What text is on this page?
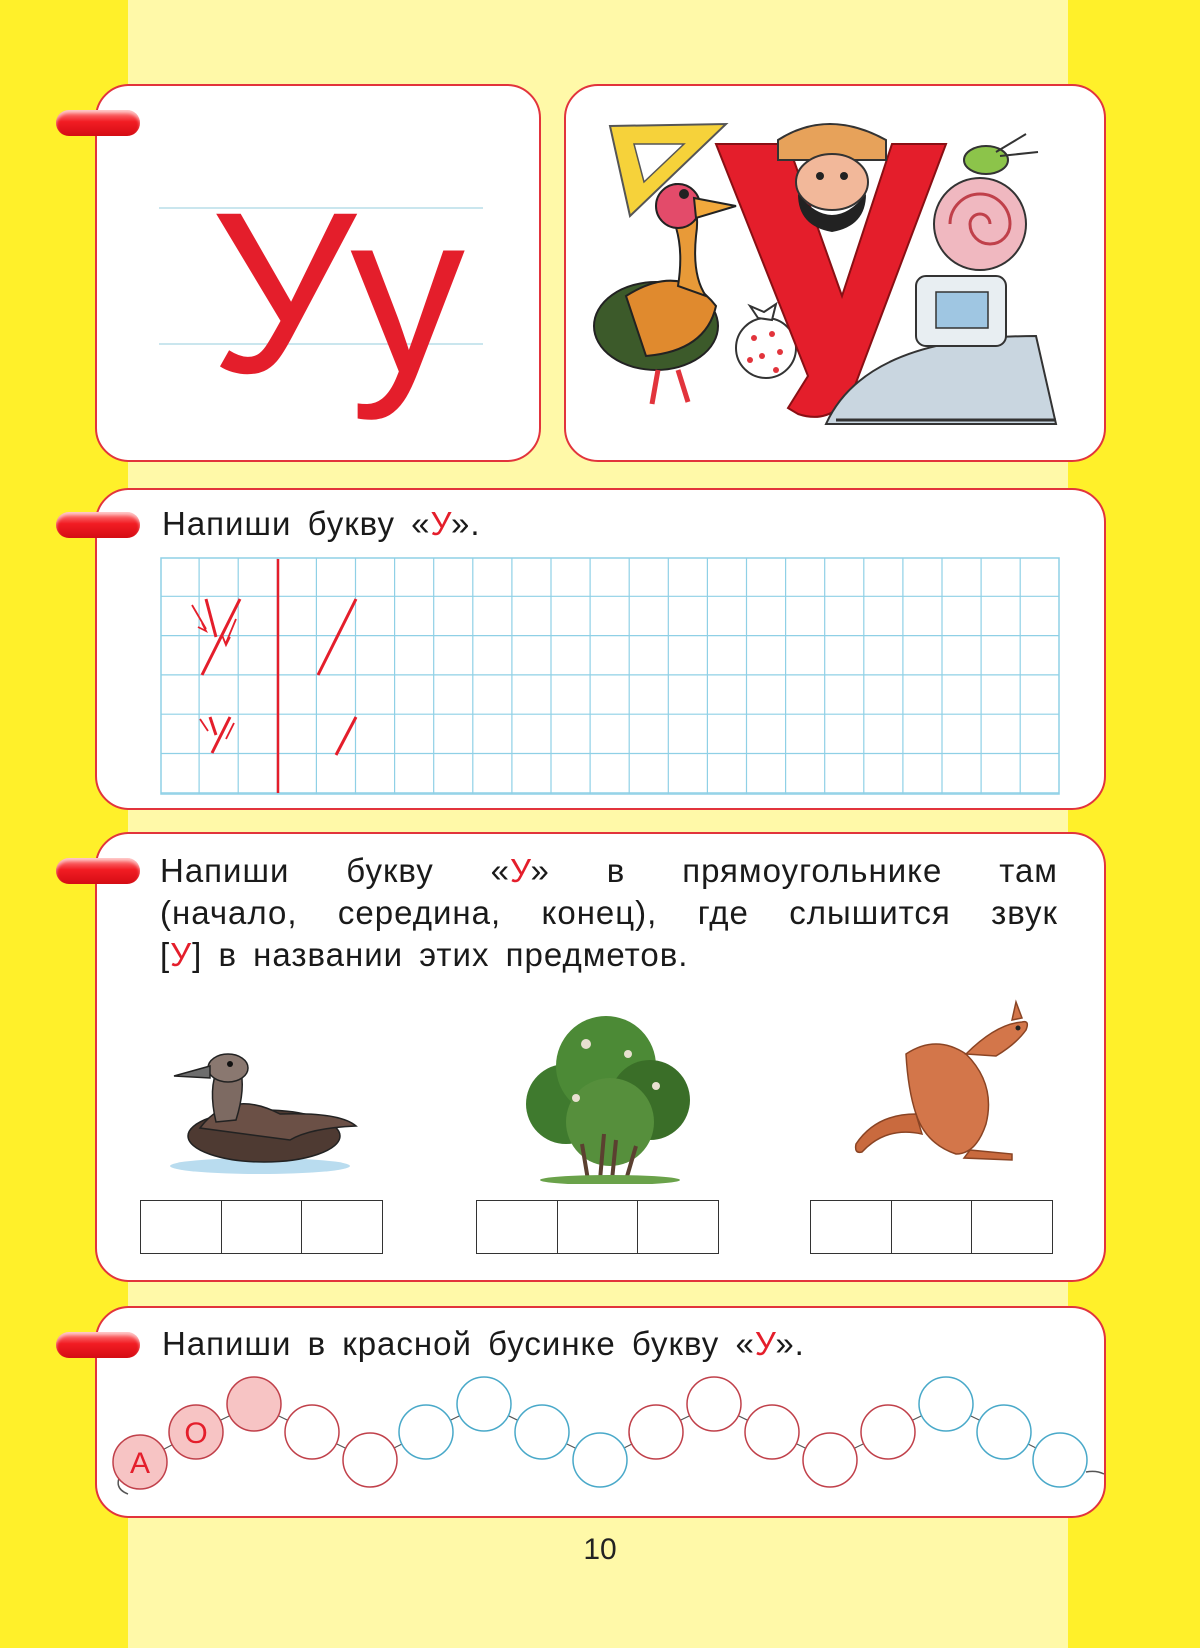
Уу
Напиши букву «У».
Напиши букву «У» в прямоугольнике там
(начало, середина, конец), где слышится звук
[У] в названии этих предметов.
Напиши в красной бусинке букву «У».
А
О
10
